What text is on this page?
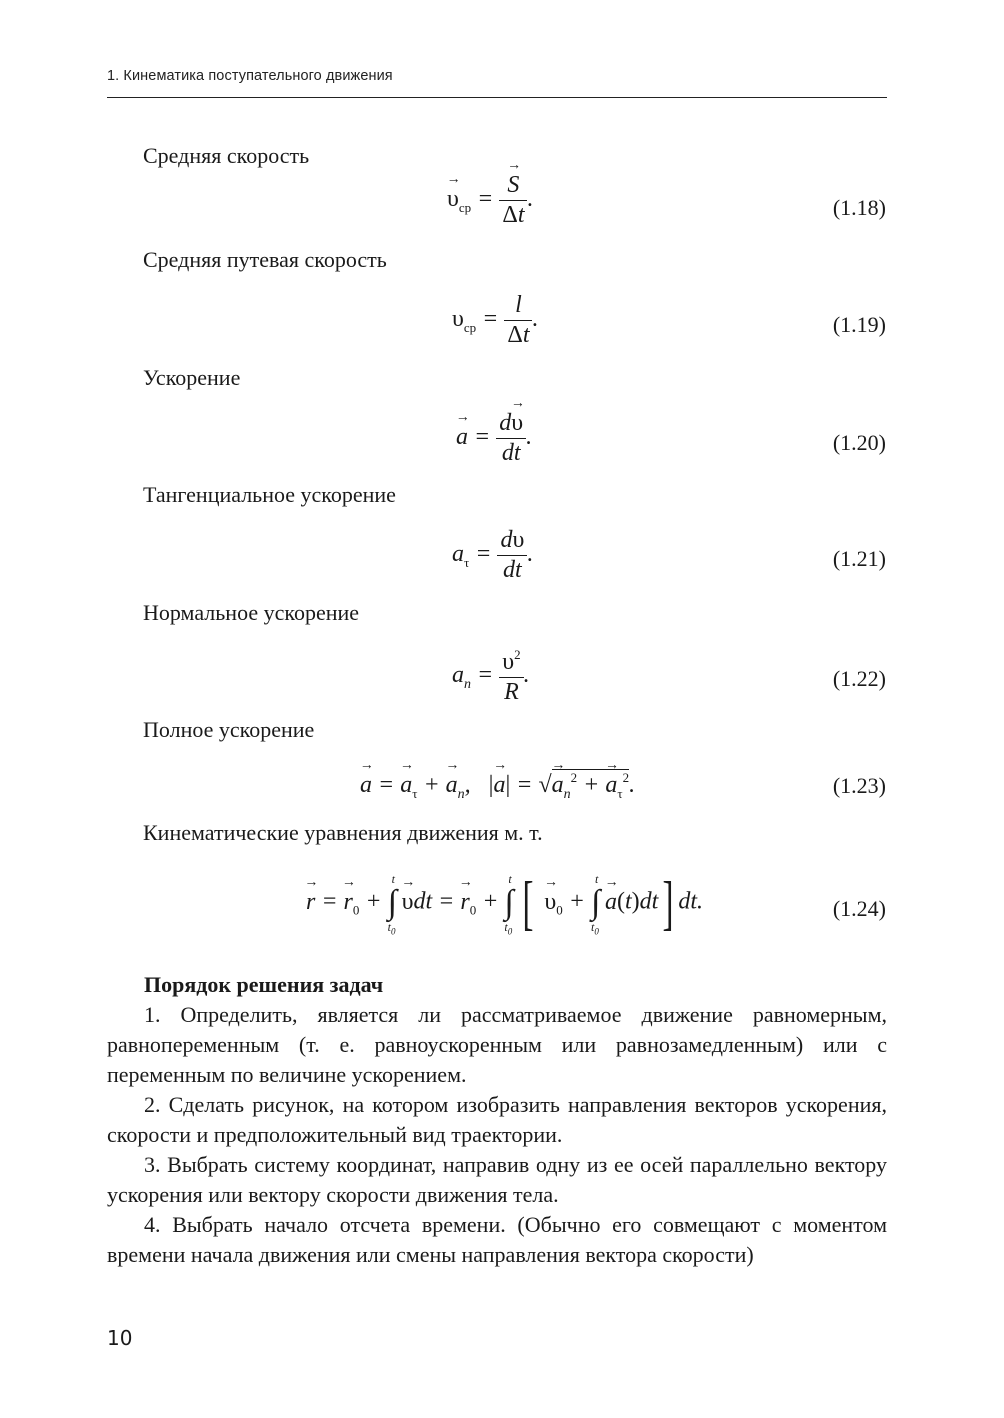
1. Кинематика поступательного движения
Средняя скорость
→ $\upsilon_{ср}$ = → $\frac{S}{\Delta t}$ .	(1.18)
Средняя путевая скорость
$\upsilon_{ср} = \frac{l}{\Delta t}$ .	(1.19)
Ускорение
→ $a = \frac{d\to \upsilon}{dt}$ .	(1.20)
Тангенциальное ускорение
$a_\tau = \frac{d\upsilon}{dt}$ .	(1.21)
Нормальное ускорение
$a_n = \frac{\upsilon^2}{R}$ .	(1.22)
Полное ускорение
→ a = → $a_\tau$ + → $a_n$,   |→ a| = √→ $a_n^2$ + → $a_\tau^2$.	(1.23)
Кинематические уравнения движения м. т.
→ r = → $r_0$ + ∫
t
$t_0$
→ υdt = → $r_0$ + ∫
t
$t_0$ [ → $\upsilon_0$ + ∫
t
$t_0$
→ a(t)dt] dt.	(1.24)

Порядок решения задач

1. Определить, является ли рассматриваемое движение равномерным, равнопеременным (т. е. равноускоренным или равнозамедленным) или с переменным по величине ускорением.

2. Сделать рисунок, на котором изобразить направления векторов ускорения, скорости и предположительный вид траектории.

3. Выбрать систему координат, направив одну из ее осей параллельно вектору ускорения или вектору скорости движения тела.

4. Выбрать начало отсчета времени. (Обычно его совмещают с моментом времени начала движения или смены направления вектора скорости)

10
